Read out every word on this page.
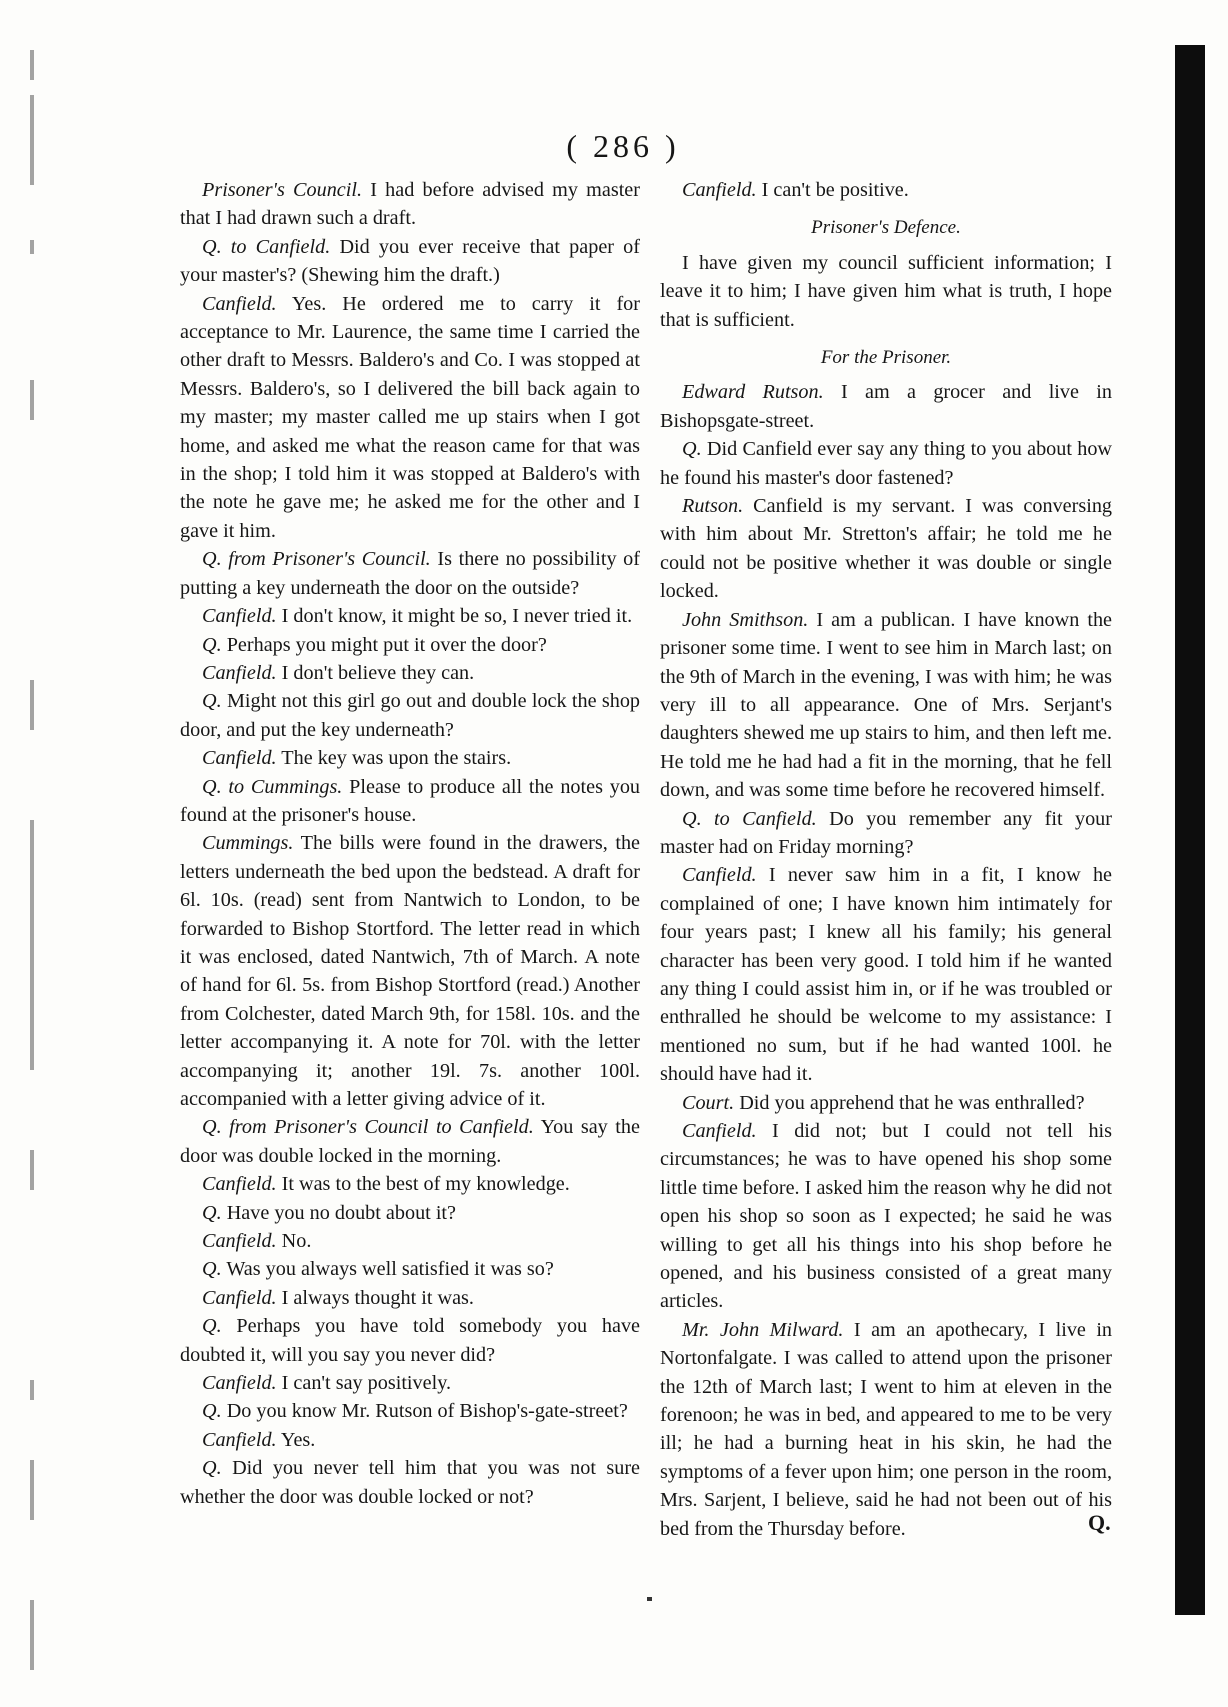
( 286 )

Prisoner's Council. I had before advised my master that I had drawn such a draft.

Q. to Canfield. Did you ever receive that paper of your master's? (Shewing him the draft.)

Canfield. Yes. He ordered me to carry it for acceptance to Mr. Laurence, the same time I carried the other draft to Messrs. Baldero's and Co. I was stopped at Messrs. Baldero's, so I delivered the bill back again to my master; my master called me up stairs when I got home, and asked me what the reason came for that was in the shop; I told him it was stopped at Baldero's with the note he gave me; he asked me for the other and I gave it him.

Q. from Prisoner's Council. Is there no possibility of putting a key underneath the door on the outside?

Canfield. I don't know, it might be so, I never tried it.

Q. Perhaps you might put it over the door?

Canfield. I don't believe they can.

Q. Might not this girl go out and double lock the shop door, and put the key underneath?

Canfield. The key was upon the stairs.

Q. to Cummings. Please to produce all the notes you found at the prisoner's house.

Cummings. The bills were found in the drawers, the letters underneath the bed upon the bedstead. A draft for 6l. 10s. (read) sent from Nantwich to London, to be forwarded to Bishop Stortford. The letter read in which it was enclosed, dated Nantwich, 7th of March. A note of hand for 6l. 5s. from Bishop Stortford (read.) Another from Colchester, dated March 9th, for 158l. 10s. and the letter accompanying it. A note for 70l. with the letter accompanying it; another 19l. 7s. another 100l. accompanied with a letter giving advice of it.

Q. from Prisoner's Council to Canfield. You say the door was double locked in the morning.

Canfield. It was to the best of my knowledge.

Q. Have you no doubt about it?

Canfield. No.

Q. Was you always well satisfied it was so?

Canfield. I always thought it was.

Q. Perhaps you have told somebody you have doubted it, will you say you never did?

Canfield. I can't say positively.

Q. Do you know Mr. Rutson of Bishop's-gate-street?

Canfield. Yes.

Q. Did you never tell him that you was not sure whether the door was double locked or not?

Canfield. I can't be positive.

Prisoner's Defence.

I have given my council sufficient information; I leave it to him; I have given him what is truth, I hope that is sufficient.

For the Prisoner.

Edward Rutson. I am a grocer and live in Bishopsgate-street.

Q. Did Canfield ever say any thing to you about how he found his master's door fastened?

Rutson. Canfield is my servant. I was conversing with him about Mr. Stretton's affair; he told me he could not be positive whether it was double or single locked.

John Smithson. I am a publican. I have known the prisoner some time. I went to see him in March last; on the 9th of March in the evening, I was with him; he was very ill to all appearance. One of Mrs. Serjant's daughters shewed me up stairs to him, and then left me. He told me he had had a fit in the morning, that he fell down, and was some time before he recovered himself.

Q. to Canfield. Do you remember any fit your master had on Friday morning?

Canfield. I never saw him in a fit, I know he complained of one; I have known him intimately for four years past; I knew all his family; his general character has been very good. I told him if he wanted any thing I could assist him in, or if he was troubled or enthralled he should be welcome to my assistance: I mentioned no sum, but if he had wanted 100l. he should have had it.

Court. Did you apprehend that he was enthralled?

Canfield. I did not; but I could not tell his circumstances; he was to have opened his shop some little time before. I asked him the reason why he did not open his shop so soon as I expected; he said he was willing to get all his things into his shop before he opened, and his business consisted of a great many articles.

Mr. John Milward. I am an apothecary, I live in Nortonfalgate. I was called to attend upon the prisoner the 12th of March last; I went to him at eleven in the forenoon; he was in bed, and appeared to me to be very ill; he had a burning heat in his skin, he had the symptoms of a fever upon him; one person in the room, Mrs. Sarjent, I believe, said he had not been out of his bed from the Thursday before.	Q.
